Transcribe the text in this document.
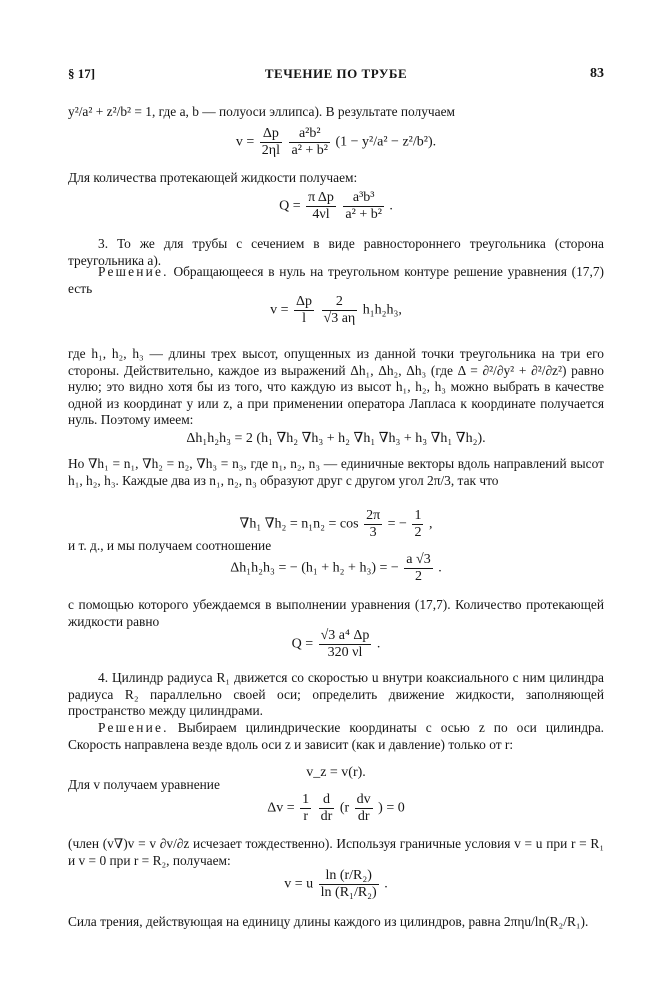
§ 17]	ТЕЧЕНИЕ ПО ТРУБЕ	83
y²/a² + z²/b² = 1, где a, b — полуоси эллипса). В результате получаем
$v = \frac{\Delta p}{2\eta l}$
$\frac{\text{a²b²}}{\text{a² + b²}} (1 - y^2/a^2 - z^2/b^2)$.
Для количества протекающей жидкости получаем:
$Q = \frac{\text{π Δp}}{4\nu l}$
$\frac{\text{a³b³}}{\text{a² + b²}}$ .
3. То же для трубы с сечением в виде равностороннего треугольника (сторона треугольника a).
Решение. Обращающееся в нуль на треугольном контуре решение уравнения (17,7) есть
$v = \frac{\Delta p}{l}$
$\frac{2}{√3 a\eta} h_1h_2h_3$,
где h₁, h₂, h₃ — длины трех высот, опущенных из данной точки треугольника на три его стороны. Действительно, каждое из выражений Δh₁, Δh₂, Δh₃ (где Δ = ∂²/∂y² + ∂²/∂z²) равно нулю; это видно хотя бы из того, что каждую из высот h₁, h₂, h₃ можно выбрать в качестве одной из координат y или z, а при применении оператора Лапласа к координате получается нуль. Поэтому имеем:
Δh₁h₂h₃ = 2 (h₁ ∇h₂ ∇h₃ + h₂ ∇h₁ ∇h₃ + h₃ ∇h₁ ∇h₂).
Но ∇h₁ = n₁, ∇h₂ = n₂, ∇h₃ = n₃, где n₁, n₂, n₃ — единичные векторы вдоль направлений высот h₁, h₂, h₃. Каждые два из n₁, n₂, n₃ образуют друг с другом угол 2π/3, так что
∇h₁ $\nabla h_2 = n_1n_2 = \cos \frac{2\pi}{3}$ = − $\frac{1}{2}$ ,
и т. д., и мы получаем соотношение
Δh₁h₂h₃ = − (h₁ + h₂ + h₃) = − $\frac{a √3}{2}$ .
с помощью которого убеждаемся в выполнении уравнения (17,7). Количество протекающей жидкости равно
$Q = \frac{\text{√3 a⁴ Δp}}{320 \nu l}$ .
4. Цилиндр радиуса R₁ движется со скоростью u внутри коаксиального с ним цилиндра радиуса R₂ параллельно своей оси; определить движение жидкости, заполняющей пространство между цилиндрами.
Решение. Выбираем цилиндрические координаты с осью z по оси цилиндра. Скорость направлена везде вдоль оси z и зависит (как и давление) только от r:
v_z = v(r).
Для v получаем уравнение
$\Delta v = \frac{1}{r}$
$\frac{d}{dr} (r \frac{dv}{dr}$ ) = 0
(член (v∇)v = v ∂v/∂z исчезает тождественно). Используя граничные условия v = u при r = R₁ и v = 0 при r = R₂, получаем:
v = u $\frac{\text{ln (r/R₂)}}{\text{ln (R₁/R₂)}}$ .
Сила трения, действующая на единицу длины каждого из цилиндров, равна 2πηu/ln(R₂/R₁).
